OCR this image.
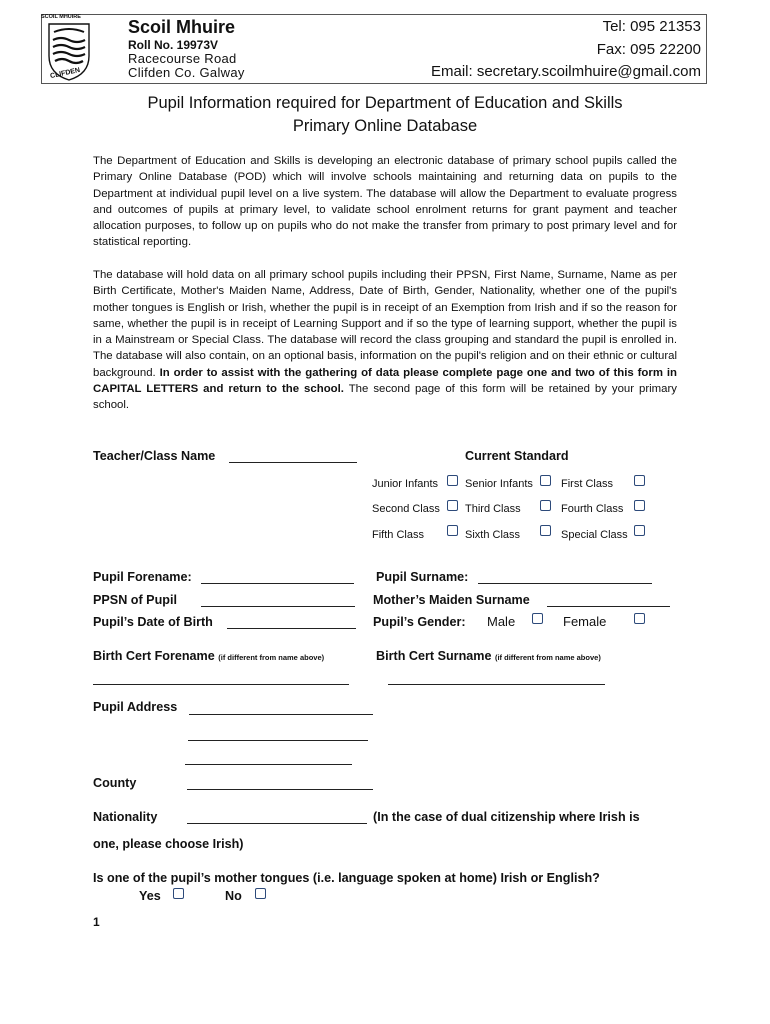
SCOIL MHUIRE
CLIFDEN
Scoil Mhuire
Roll No. 19973V
Racecourse Road
Clifden Co. Galway
Tel: 095 21353
Fax: 095 22200
Email: secretary.scoilmhuire@gmail.com
Pupil Information required for Department of Education and Skills
Primary Online Database

The Department of Education and Skills is developing an electronic database of primary school pupils called the Primary Online Database (POD) which will involve schools maintaining and returning data on pupils to the Department at individual pupil level on a live system. The database will allow the Department to evaluate progress and outcomes of pupils at primary level, to validate school enrolment returns for grant payment and teacher allocation purposes, to follow up on pupils who do not make the transfer from primary to post primary level and for statistical reporting.

The database will hold data on all primary school pupils including their PPSN, First Name, Surname, Name as per Birth Certificate, Mother's Maiden Name, Address, Date of Birth, Gender, Nationality, whether one of the pupil's mother tongues is English or Irish, whether the pupil is in receipt of an Exemption from Irish and if so the reason for same, whether the pupil is in receipt of Learning Support and if so the type of learning support, whether the pupil is in a Mainstream or Special Class. The database will record the class grouping and standard the pupil is enrolled in. The database will also contain, on an optional basis, information on the pupil's religion and on their ethnic or cultural background. In order to assist with the gathering of data please complete page one and two of this form in CAPITAL LETTERS and return to the school. The second page of this form will be retained by your primary school.

Teacher/Class Name	Current Standard
Junior Infants Senior Infants	First Class
Second Class Third Class	Fourth Class
Fifth Class	Sixth Class	Special Class
Pupil Forename:	Pupil Surname:
PPSN of Pupil	Mother’s Maiden Surname
Pupil’s Date of Birth	Pupil’s Gender: Male	Female
Birth Cert Forename (if different from name above)	Birth Cert Surname (if different from name above)
Pupil Address
County
Nationality	(In the case of dual citizenship where Irish is
one, please choose Irish)
Is one of the pupil’s mother tongues (i.e. language spoken at home) Irish or English?
Yes	No
1
